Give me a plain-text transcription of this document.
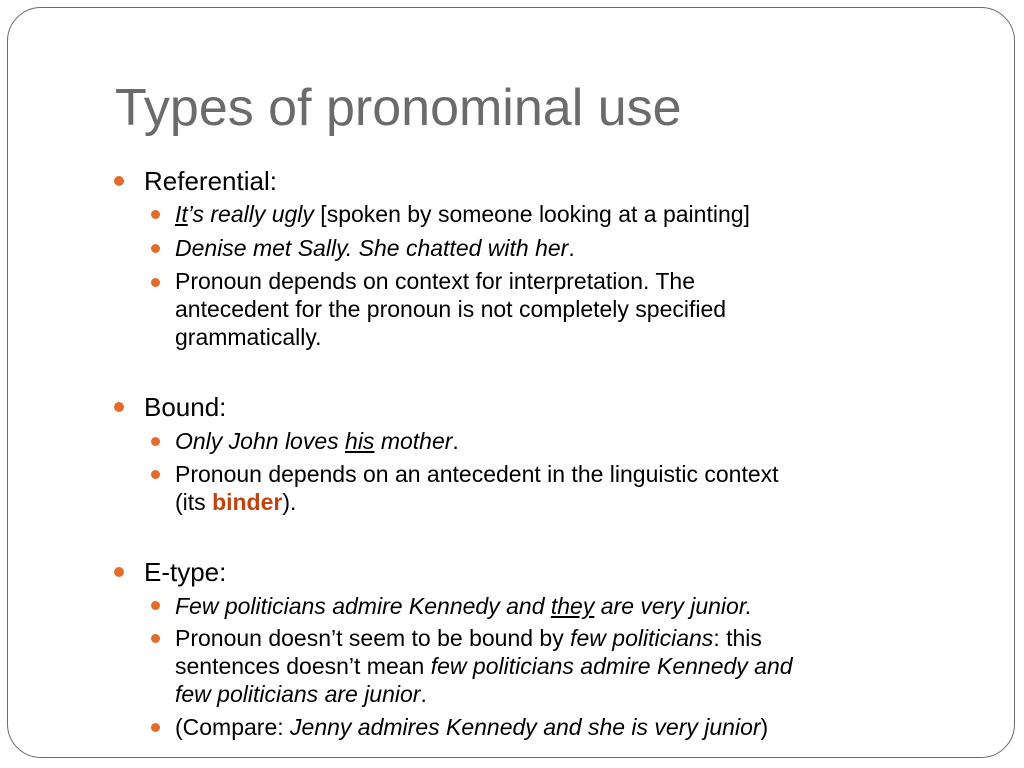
Types of pronominal use
Referential:
It’s really ugly [spoken by someone looking at a painting]
Denise met Sally. She chatted with her.
Pronoun depends on context for interpretation. The
antecedent for the pronoun is not completely specified
grammatically.
Bound:
Only John loves his mother.
Pronoun depends on an antecedent in the linguistic context
(its binder).
E-type:
Few politicians admire Kennedy and they are very junior.
Pronoun doesn’t seem to be bound by few politicians: this
sentences doesn’t mean few politicians admire Kennedy and
few politicians are junior.
(Compare: Jenny admires Kennedy and she is very junior)
